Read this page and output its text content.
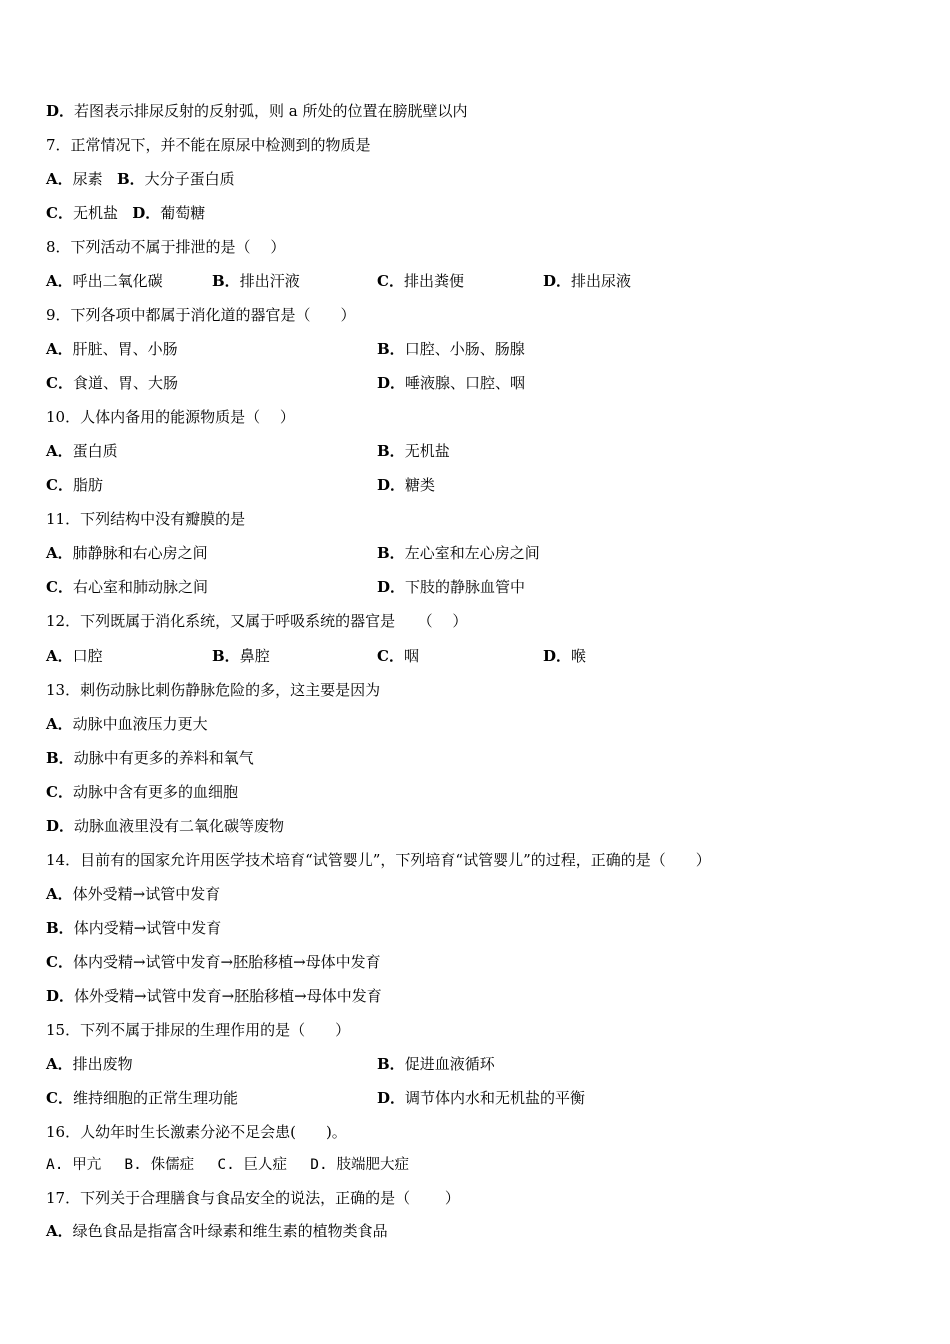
D．若图表示排尿反射的反射弧，则 a 所处的位置在膀胱壁以内
7．正常情况下，并不能在原尿中检测到的物质是
A．尿素 B．大分子蛋白质
C．无机盐 D．葡萄糖
8．下列活动不属于排泄的是（　 ）
A．呼出二氧化碳	B．排出汗液	C．排出粪便	D．排出尿液
9．下列各项中都属于消化道的器官是（　　）
A．肝脏、胃、小肠	B．口腔、小肠、肠腺
C．食道、胃、大肠	D．唾液腺、口腔、咽
10．人体内备用的能源物质是（　 ）
A．蛋白质	B．无机盐
C．脂肪	D．糖类
11．下列结构中没有瓣膜的是
A．肺静脉和右心房之间	B．左心室和左心房之间
C．右心室和肺动脉之间	D．下肢的静脉血管中
12．下列既属于消化系统，又属于呼吸系统的器官是　　（　 ）
A．口腔	B．鼻腔	C．咽	D．喉
13．刺伤动脉比刺伤静脉危险的多，这主要是因为
A．动脉中血液压力更大
B．动脉中有更多的养料和氧气
C．动脉中含有更多的血细胞
D．动脉血液里没有二氧化碳等废物
14．目前有的国家允许用医学技术培育“试管婴儿”，下列培育“试管婴儿”的过程，正确的是（　　）
A．体外受精→试管中发育
B．体内受精→试管中发育
C．体内受精→试管中发育→胚胎移植→母体中发育
D．体外受精→试管中发育→胚胎移植→母体中发育
15．下列不属于排尿的生理作用的是（　　）
A．排出废物	B．促进血液循环
C．维持细胞的正常生理功能	D．调节体内水和无机盐的平衡
16．人幼年时生长激素分泌不足会患(　　)。
A. 甲亢　 B. 侏儒症　 C. 巨人症　 D. 肢端肥大症
17．下列关于合理膳食与食品安全的说法，正确的是（　　 ）
A．绿色食品是指富含叶绿素和维生素的植物类食品
